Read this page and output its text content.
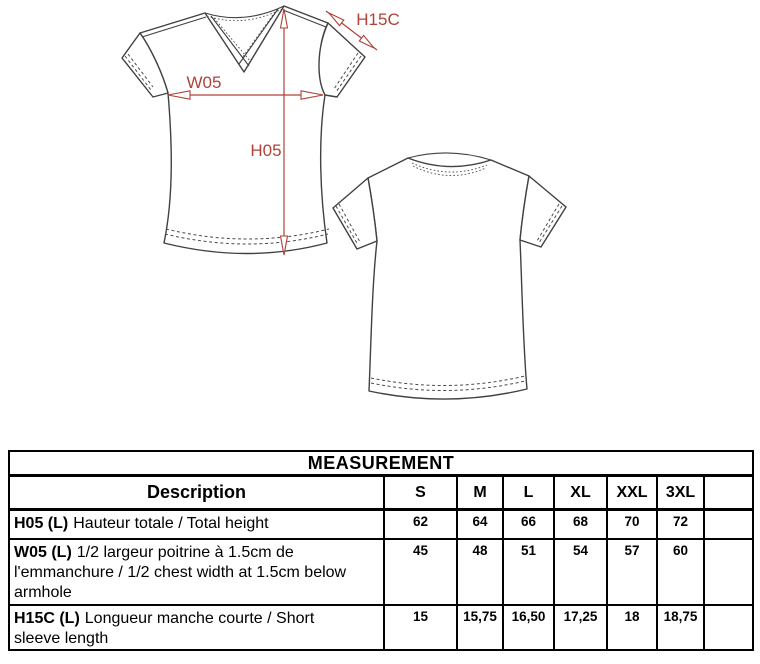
W05
H05
H15C
MEASUREMENT							
Description	S	M	L	XL	XXL	3XL	

H05 (L) Hauteur totale / Total height	62	64	66	68	70	72	

W05 (L) 1/2 largeur poitrine à 1.5cm de l'emmanchure / 1/2 chest width at 1.5cm below armhole	45	48	51	54	57	60	

H15C (L) Longueur manche courte / Short sleeve length	15	15,75	16,50	17,25	18	18,75	
